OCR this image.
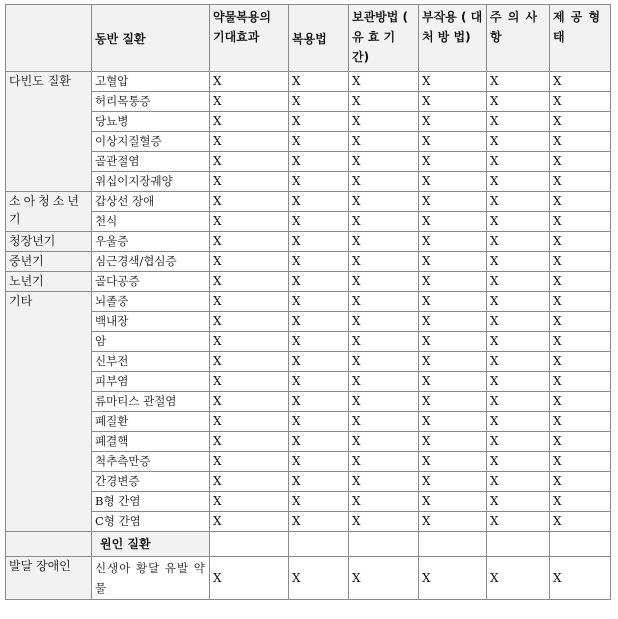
	동반 질환	약물복용의 기대효과	복용법	보관방법 ( 유 효 기 간)	부작용 ( 대 처 방 법)	주 의 사 항	제 공 형 태
다빈도 질환	고혈압	X	X	X	X	X	X
	허리목통증	X	X	X	X	X	X
	당뇨병	X	X	X	X	X	X
	이상지질혈증	X	X	X	X	X	X
	골관절염	X	X	X	X	X	X
	위십이지장궤양	X	X	X	X	X	X
소아청소년기	갑상선 장애	X	X	X	X	X	X
	천식	X	X	X	X	X	X
청장년기	우울증	X	X	X	X	X	X
중년기	심근경색/협심증	X	X	X	X	X	X
노년기	골다공증	X	X	X	X	X	X
기타	뇌졸중	X	X	X	X	X	X
	백내장	X	X	X	X	X	X
	암	X	X	X	X	X	X
	신부전	X	X	X	X	X	X
	피부염	X	X	X	X	X	X
	류마티스 관절염	X	X	X	X	X	X
	폐질환	X	X	X	X	X	X
	폐결핵	X	X	X	X	X	X
	척추측만증	X	X	X	X	X	X
	간경변증	X	X	X	X	X	X
	B형 간염	X	X	X	X	X	X
	C형 간염	X	X	X	X	X	X
	원인 질환						
발달 장애인	신생아 황달 유발 약물	X	X	X	X	X	X
